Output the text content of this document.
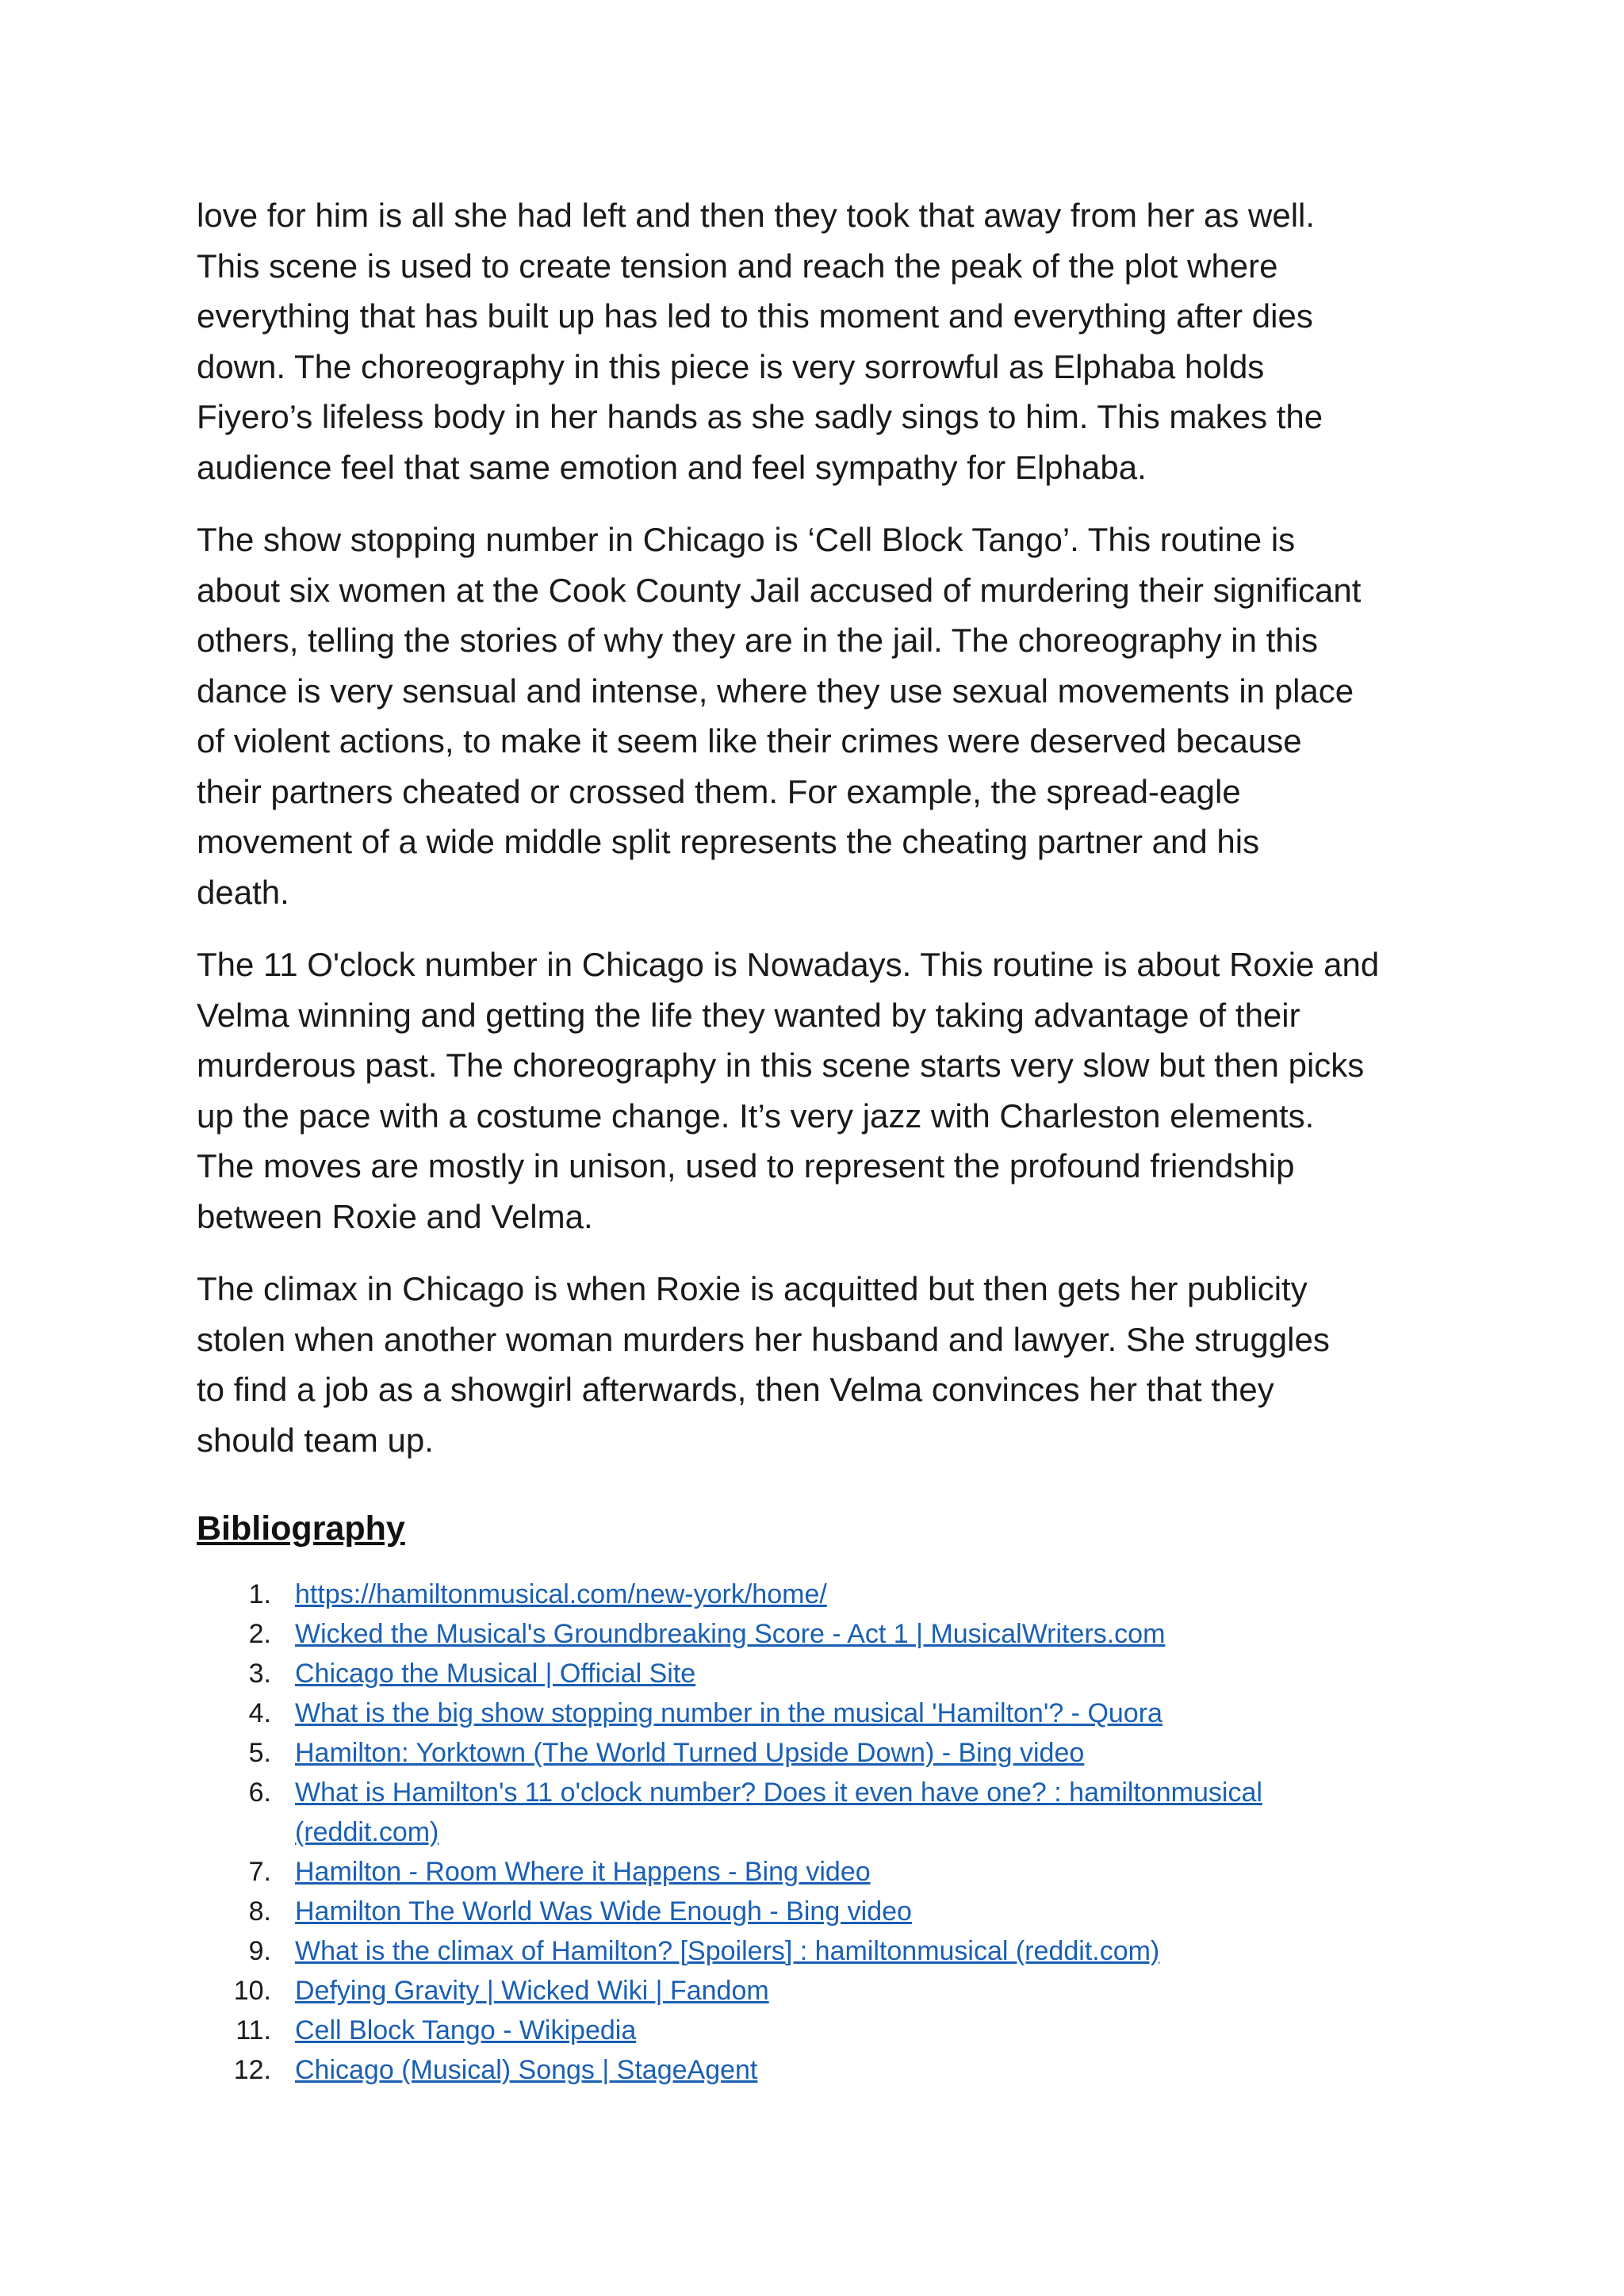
love for him is all she had left and then they took that away from her as well.
This scene is used to create tension and reach the peak of the plot where
everything that has built up has led to this moment and everything after dies
down. The choreography in this piece is very sorrowful as Elphaba holds
Fiyero’s lifeless body in her hands as she sadly sings to him. This makes the
audience feel that same emotion and feel sympathy for Elphaba.

The show stopping number in Chicago is ‘Cell Block Tango’. This routine is
about six women at the Cook County Jail accused of murdering their significant
others, telling the stories of why they are in the jail. The choreography in this
dance is very sensual and intense, where they use sexual movements in place
of violent actions, to make it seem like their crimes were deserved because
their partners cheated or crossed them. For example, the spread-eagle
movement of a wide middle split represents the cheating partner and his
death.

The 11 O'clock number in Chicago is Nowadays. This routine is about Roxie and
Velma winning and getting the life they wanted by taking advantage of their
murderous past. The choreography in this scene starts very slow but then picks
up the pace with a costume change. It’s very jazz with Charleston elements.
The moves are mostly in unison, used to represent the profound friendship
between Roxie and Velma.

The climax in Chicago is when Roxie is acquitted but then gets her publicity
stolen when another woman murders her husband and lawyer. She struggles
to find a job as a showgirl afterwards, then Velma convinces her that they
should team up.

Bibliography
1. https://hamiltonmusical.com/new-york/home/
2. Wicked the Musical's Groundbreaking Score - Act 1 | MusicalWriters.com
3. Chicago the Musical | Official Site
4. What is the big show stopping number in the musical 'Hamilton'? - Quora
5. Hamilton: Yorktown (The World Turned Upside Down) - Bing video
6. What is Hamilton's 11 o'clock number? Does it even have one? : hamiltonmusical
(reddit.com)
7. Hamilton - Room Where it Happens - Bing video
8. Hamilton The World Was Wide Enough - Bing video
9. What is the climax of Hamilton? [Spoilers] : hamiltonmusical (reddit.com)
10. Defying Gravity | Wicked Wiki | Fandom
11. Cell Block Tango - Wikipedia
12. Chicago (Musical) Songs | StageAgent
